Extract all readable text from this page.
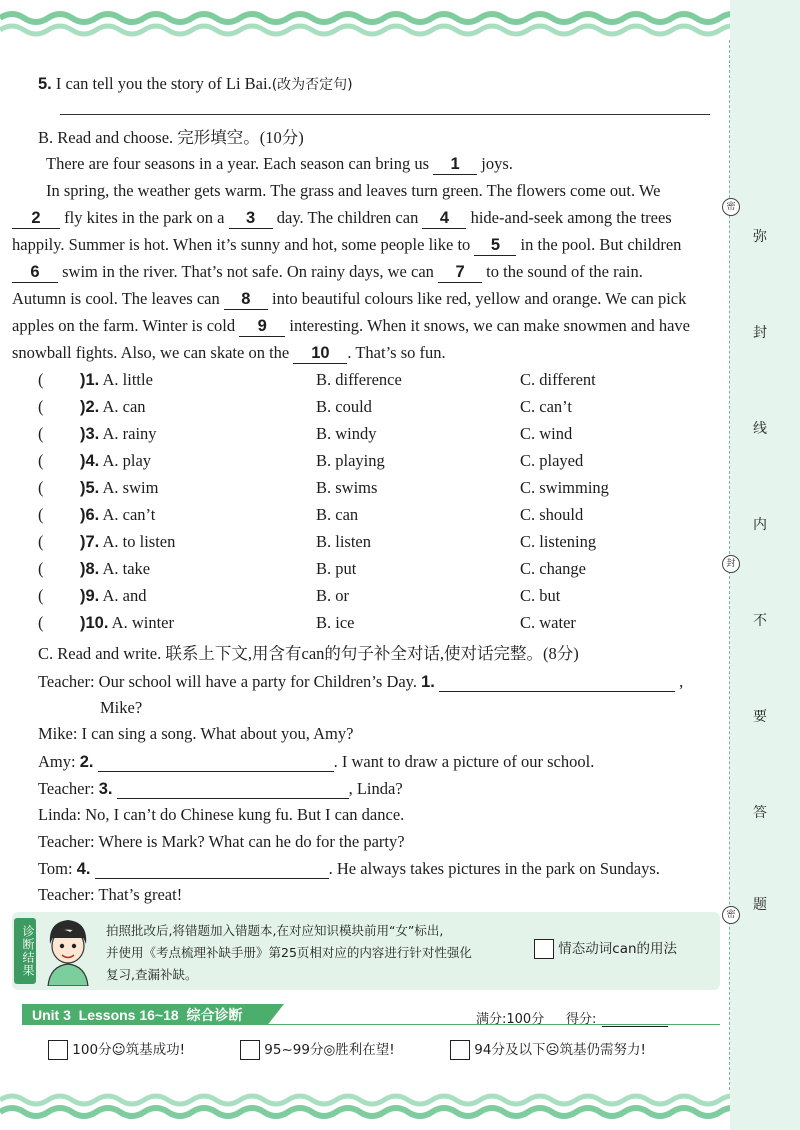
弥
封
线
内
不
要
答
题
密
封
密
5. I can tell you the story of Li Bai.(改为否定句)
B. Read and choose. 完形填空。(10分)
There are four seasons in a year. Each season can bring us 1 joys.
In spring, the weather gets warm. The grass and leaves turn green. The flowers come out. We
2 fly kites in the park on a 3 day. The children can 4 hide-and-seek among the trees
happily. Summer is hot. When it’s sunny and hot, some people like to 5 in the pool. But children
6 swim in the river. That’s not safe. On rainy days, we can 7 to the sound of the rain.
Autumn is cool. The leaves can 8 into beautiful colours like red, yellow and orange. We can pick
apples on the farm. Winter is cold 9 interesting. When it snows, we can make snowmen and have
snowball fights. Also, we can skate on the 10 . That’s so fun.
( )1. A. little	B. difference	C. different
( )2. A. can	B. could	C. can’t
( )3. A. rainy	B. windy	C. wind
( )4. A. play	B. playing	C. played
( )5. A. swim	B. swims	C. swimming
( )6. A. can’t	B. can	C. should
( )7. A. to listen	B. listen	C. listening
( )8. A. take	B. put	C. change
( )9. A. and	B. or	C. but
( )10. A. winter	B. ice	C. water
C. Read and write. 联系上下文,用含有can的句子补全对话,使对话完整。(8分)
Teacher: Our school will have a party for Children’s Day. 1.	,
Mike?
Mike: I can sing a song. What about you, Amy?
Amy: 2.	. I want to draw a picture of our school.
Teacher: 3.	, Linda?
Linda: No, I can’t do Chinese kung fu. But I can dance.
Teacher: Where is Mark? What can he do for the party?
Tom: 4.	. He always takes pictures in the park on Sundays.
Teacher: That’s great!
诊断结果	拍照批改后,将错题加入错题本,在对应知识模块前用“女”标出,
并使用《考点梳理补缺手册》第25页相对应的内容进行针对性强化
复习,查漏补缺。
情态动词can的用法
Unit 3  Lessons 16~18  综合诊断	满分:100分 得分:
100分☺筑基成功!	95~99分◎胜利在望!	94分及以下☹筑基仍需努力!
